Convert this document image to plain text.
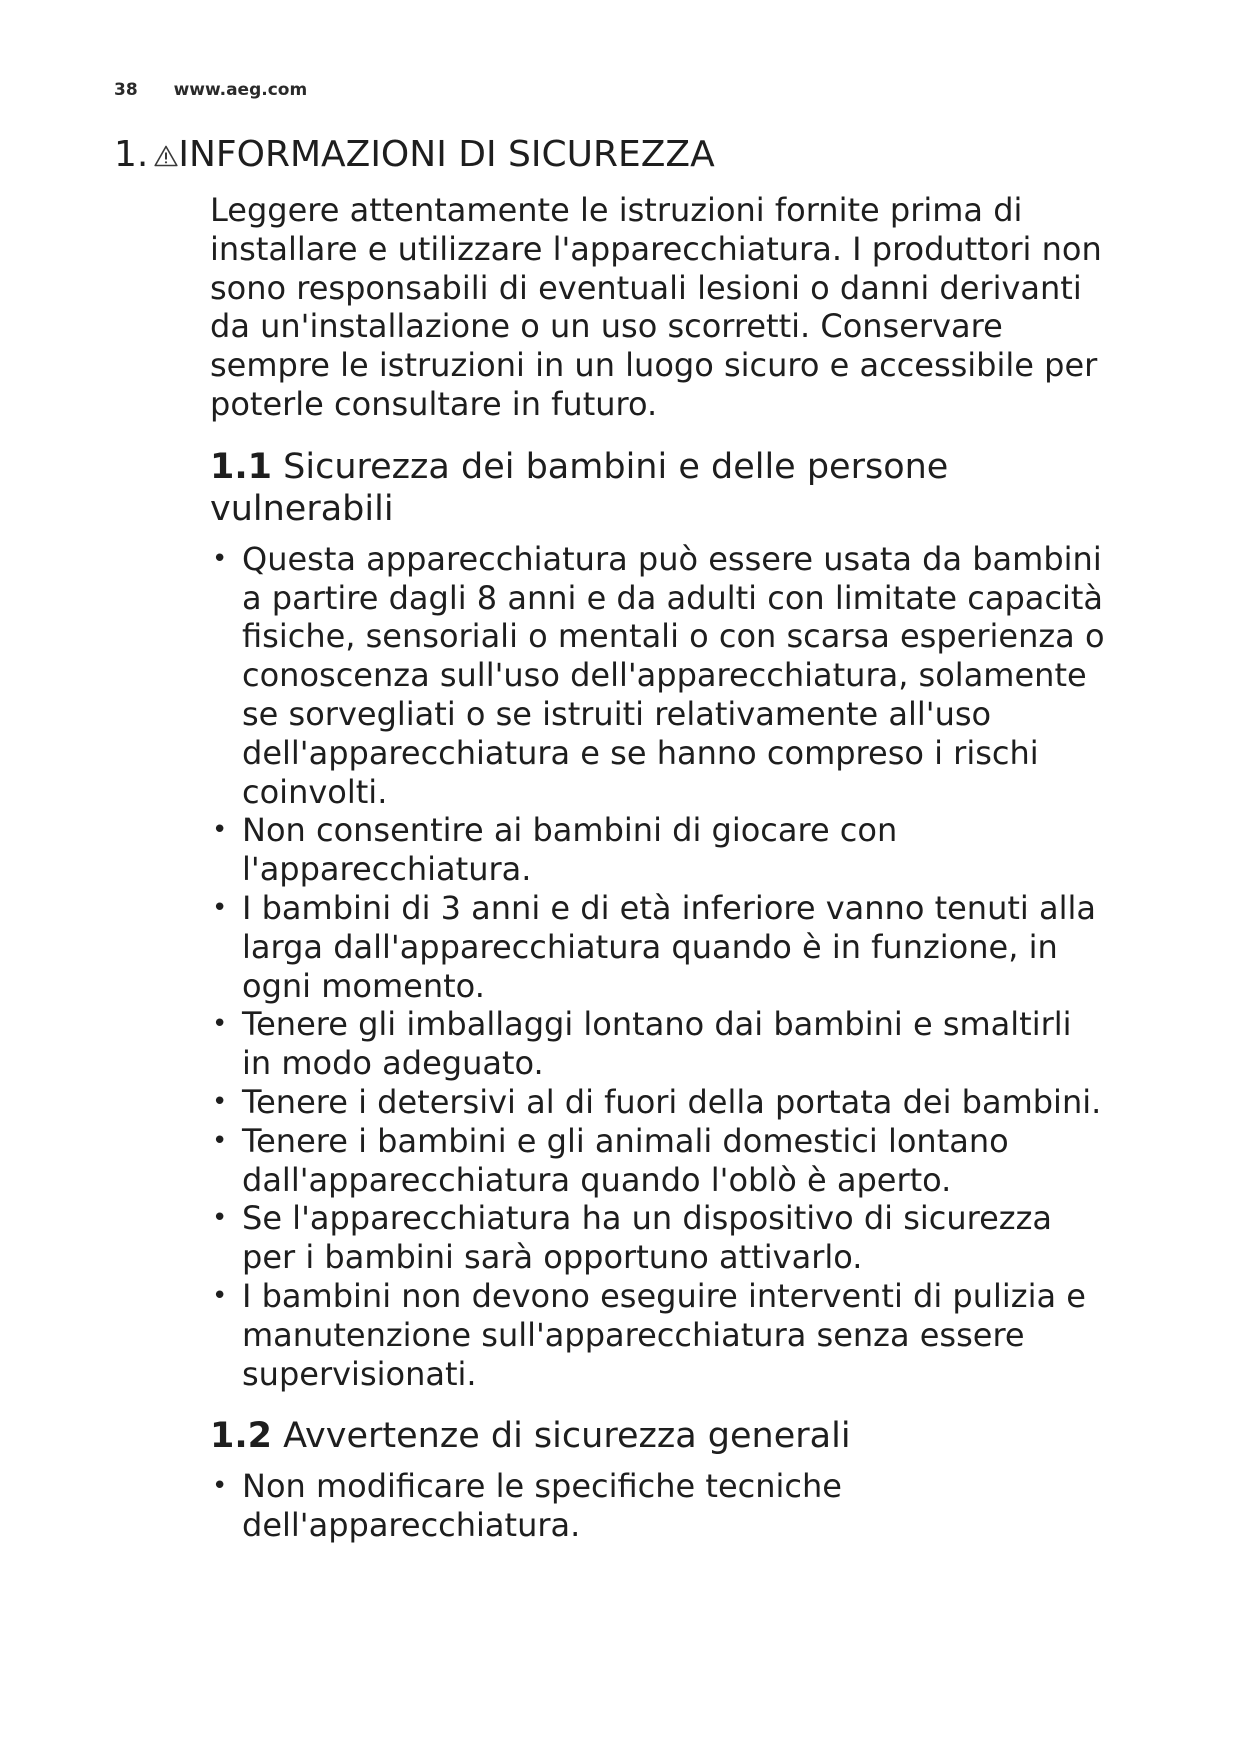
38 www.aeg.com
1. INFORMAZIONI DI SICUREZZA

Leggere attentamente le istruzioni fornite prima di installare e utilizzare l'apparecchiatura. I produttori non sono responsabili di eventuali lesioni o danni derivanti da un'installazione o un uso scorretti. Conservare sempre le istruzioni in un luogo sicuro e accessibile per poterle consultare in futuro.

1.1 Sicurezza dei bambini e delle persone vulnerabili
• Questa apparecchiatura può essere usata da bambini a partire dagli 8 anni e da adulti con limitate capacità fisiche, sensoriali o mentali o con scarsa esperienza o conoscenza sull'uso dell'apparecchiatura, solamente se sorvegliati o se istruiti relativamente all'uso dell'apparecchiatura e se hanno compreso i rischi coinvolti.
• Non consentire ai bambini di giocare con l'apparecchiatura.
• I bambini di 3 anni e di età inferiore vanno tenuti alla larga dall'apparecchiatura quando è in funzione, in ogni momento.
• Tenere gli imballaggi lontano dai bambini e smaltirli in modo adeguato.
• Tenere i detersivi al di fuori della portata dei bambini.
• Tenere i bambini e gli animali domestici lontano dall'apparecchiatura quando l'oblò è aperto.
• Se l'apparecchiatura ha un dispositivo di sicurezza per i bambini sarà opportuno attivarlo.
• I bambini non devono eseguire interventi di pulizia e manutenzione sull'apparecchiatura senza essere supervisionati.
1.2 Avvertenze di sicurezza generali
• Non modificare le specifiche tecniche dell'apparecchiatura.
